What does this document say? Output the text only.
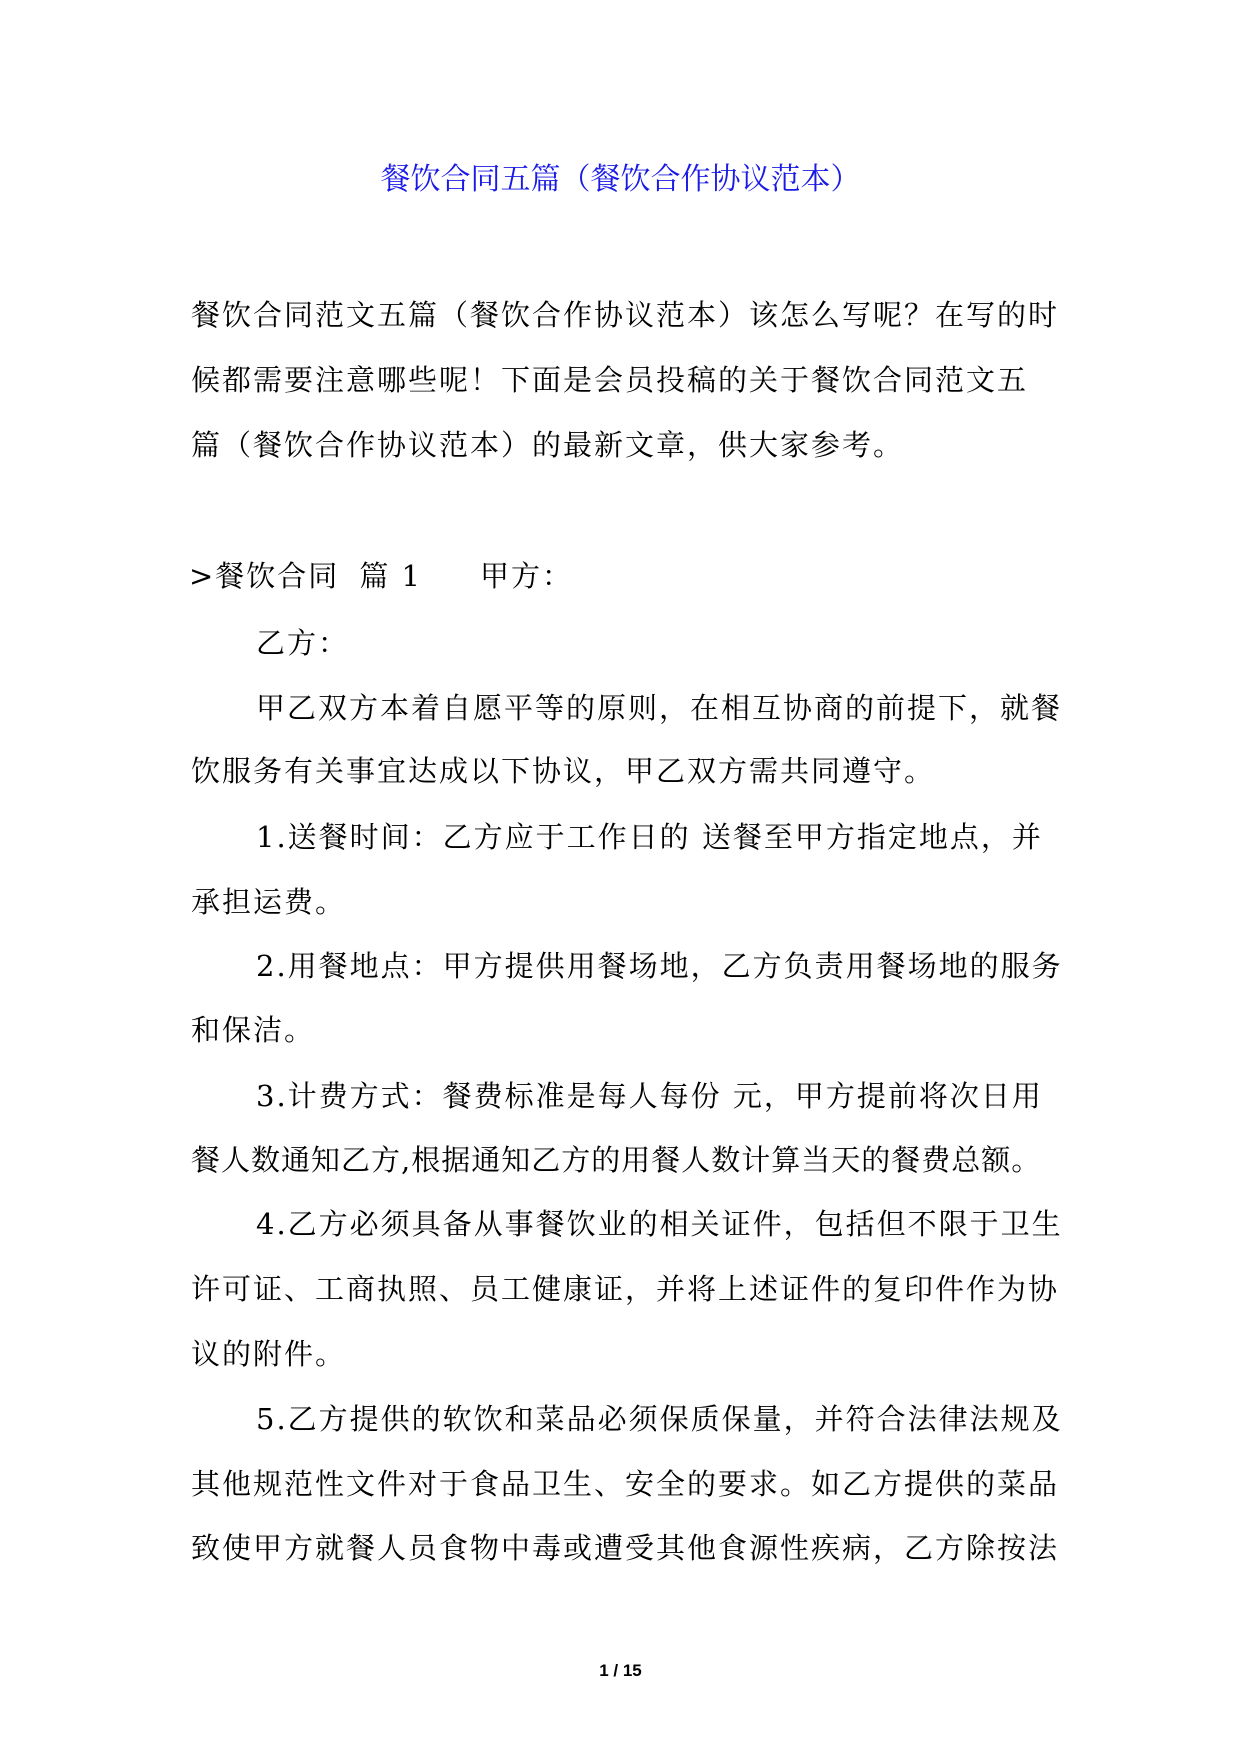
餐饮合同五篇（餐饮合作协议范本）
餐饮合同范文五篇（餐饮合作协议范本）该怎么写呢？在写的时
候都需要注意哪些呢！下面是会员投稿的关于餐饮合同范文五
篇（餐饮合作协议范本）的最新文章，供大家参考。
>餐饮合同 篇 1 甲方：
乙方：
甲乙双方本着自愿平等的原则，在相互协商的前提下，就餐
饮服务有关事宜达成以下协议，甲乙双方需共同遵守。
1.送餐时间：乙方应于工作日的 送餐至甲方指定地点，并
承担运费。
2.用餐地点：甲方提供用餐场地，乙方负责用餐场地的服务
和保洁。
3.计费方式：餐费标准是每人每份 元，甲方提前将次日用
餐人数通知乙方,根据通知乙方的用餐人数计算当天的餐费总额。
4.乙方必须具备从事餐饮业的相关证件，包括但不限于卫生
许可证、工商执照、员工健康证，并将上述证件的复印件作为协
议的附件。
5.乙方提供的软饮和菜品必须保质保量，并符合法律法规及
其他规范性文件对于食品卫生、安全的要求。如乙方提供的菜品
致使甲方就餐人员食物中毒或遭受其他食源性疾病，乙方除按法
1 / 15
